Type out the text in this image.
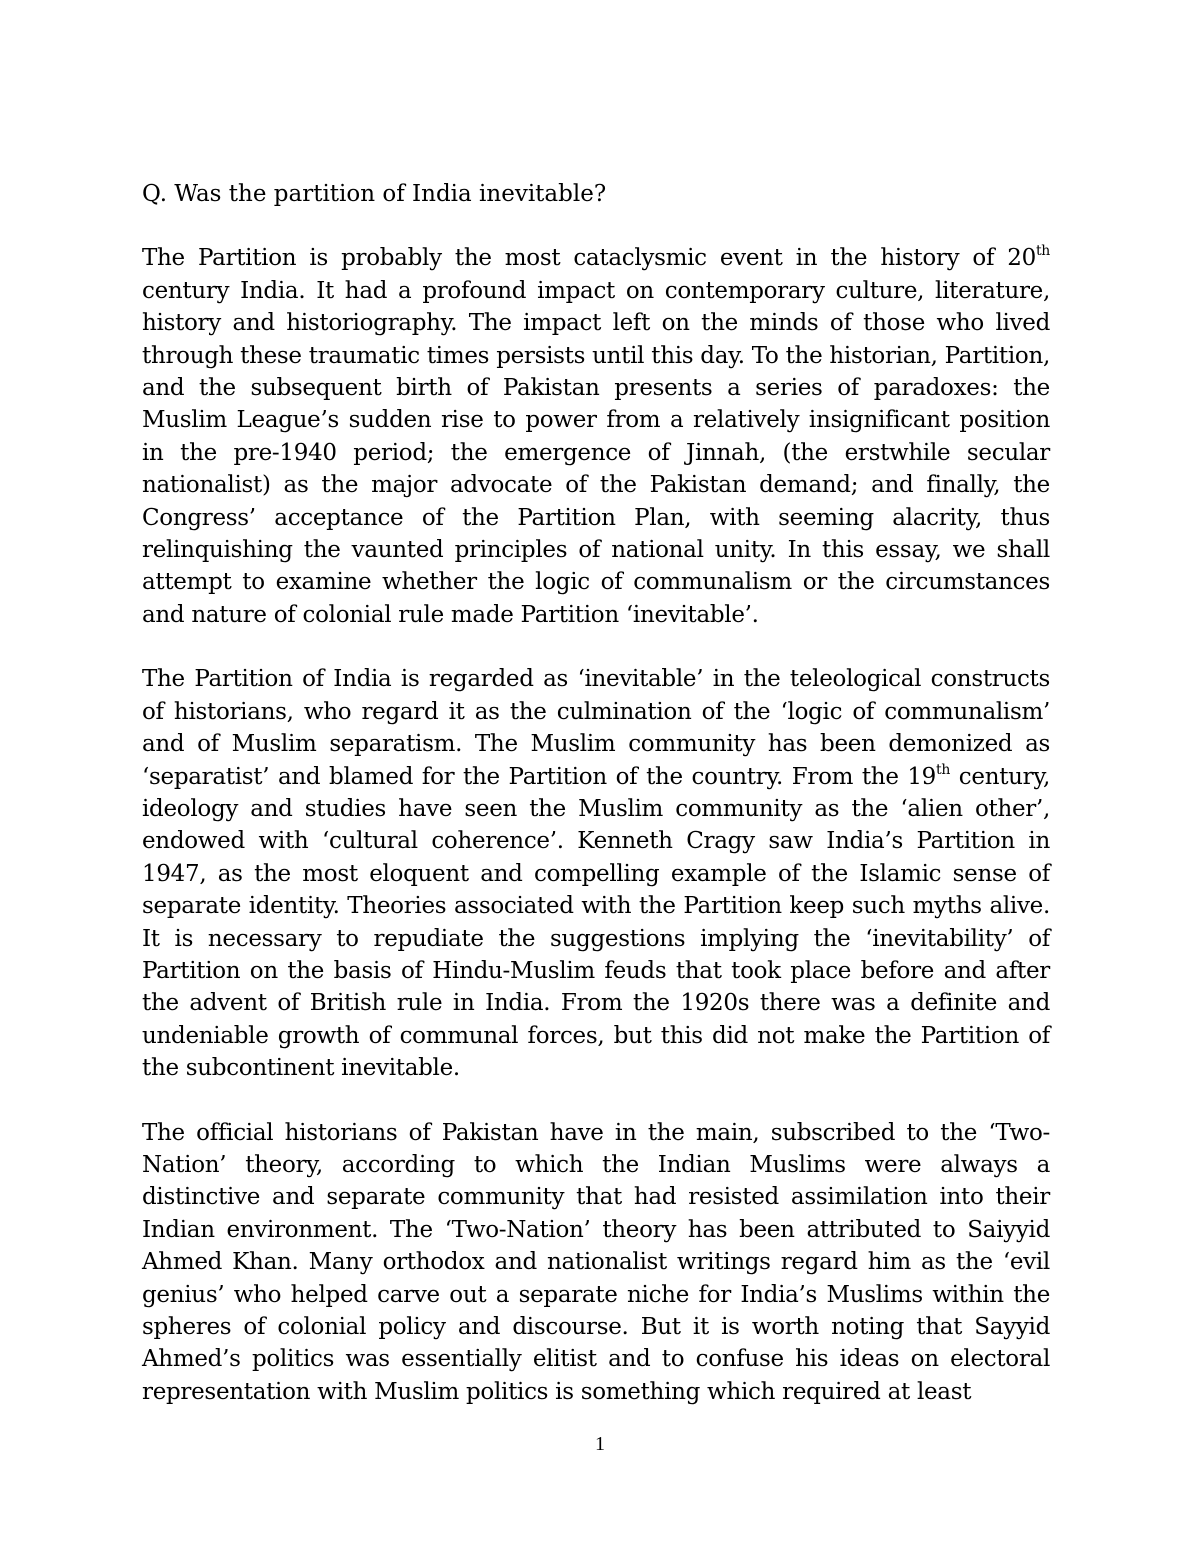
Q. Was the partition of India inevitable?

The Partition is probably the most cataclysmic event in the history of 20th century India. It had a profound impact on contemporary culture, literature, history and historiography. The impact left on the minds of those who lived through these traumatic times persists until this day. To the historian, Partition, and the subsequent birth of Pakistan presents a series of paradoxes: the Muslim League’s sudden rise to power from a relatively insignificant position in the pre-1940 period; the emergence of Jinnah, (the erstwhile secular nationalist) as the major advocate of the Pakistan demand; and finally, the Congress’ acceptance of the Partition Plan, with seeming alacrity, thus relinquishing the vaunted principles of national unity. In this essay, we shall attempt to examine whether the logic of communalism or the circumstances and nature of colonial rule made Partition ‘inevitable’.

The Partition of India is regarded as ‘inevitable’ in the teleological constructs of historians, who regard it as the culmination of the ‘logic of communalism’ and of Muslim separatism. The Muslim community has been demonized as ‘separatist’ and blamed for the Partition of the country. From the 19th century, ideology and studies have seen the Muslim community as the ‘alien other’, endowed with ‘cultural coherence’. Kenneth Cragy saw India’s Partition in 1947, as the most eloquent and compelling example of the Islamic sense of separate identity. Theories associated with the Partition keep such myths alive. It is necessary to repudiate the suggestions implying the ‘inevitability’ of Partition on the basis of Hindu-Muslim feuds that took place before and after the advent of British rule in India. From the 1920s there was a definite and undeniable growth of communal forces, but this did not make the Partition of the subcontinent inevitable.

The official historians of Pakistan have in the main, subscribed to the ‘Two-Nation’ theory, according to which the Indian Muslims were always a distinctive and separate community that had resisted assimilation into their Indian environment. The ‘Two-Nation’ theory has been attributed to Saiyyid Ahmed Khan. Many orthodox and nationalist writings regard him as the ‘evil genius’ who helped carve out a separate niche for India’s Muslims within the spheres of colonial policy and discourse. But it is worth noting that Sayyid Ahmed’s politics was essentially elitist and to confuse his ideas on electoral representation with Muslim politics is something which required at least

1
